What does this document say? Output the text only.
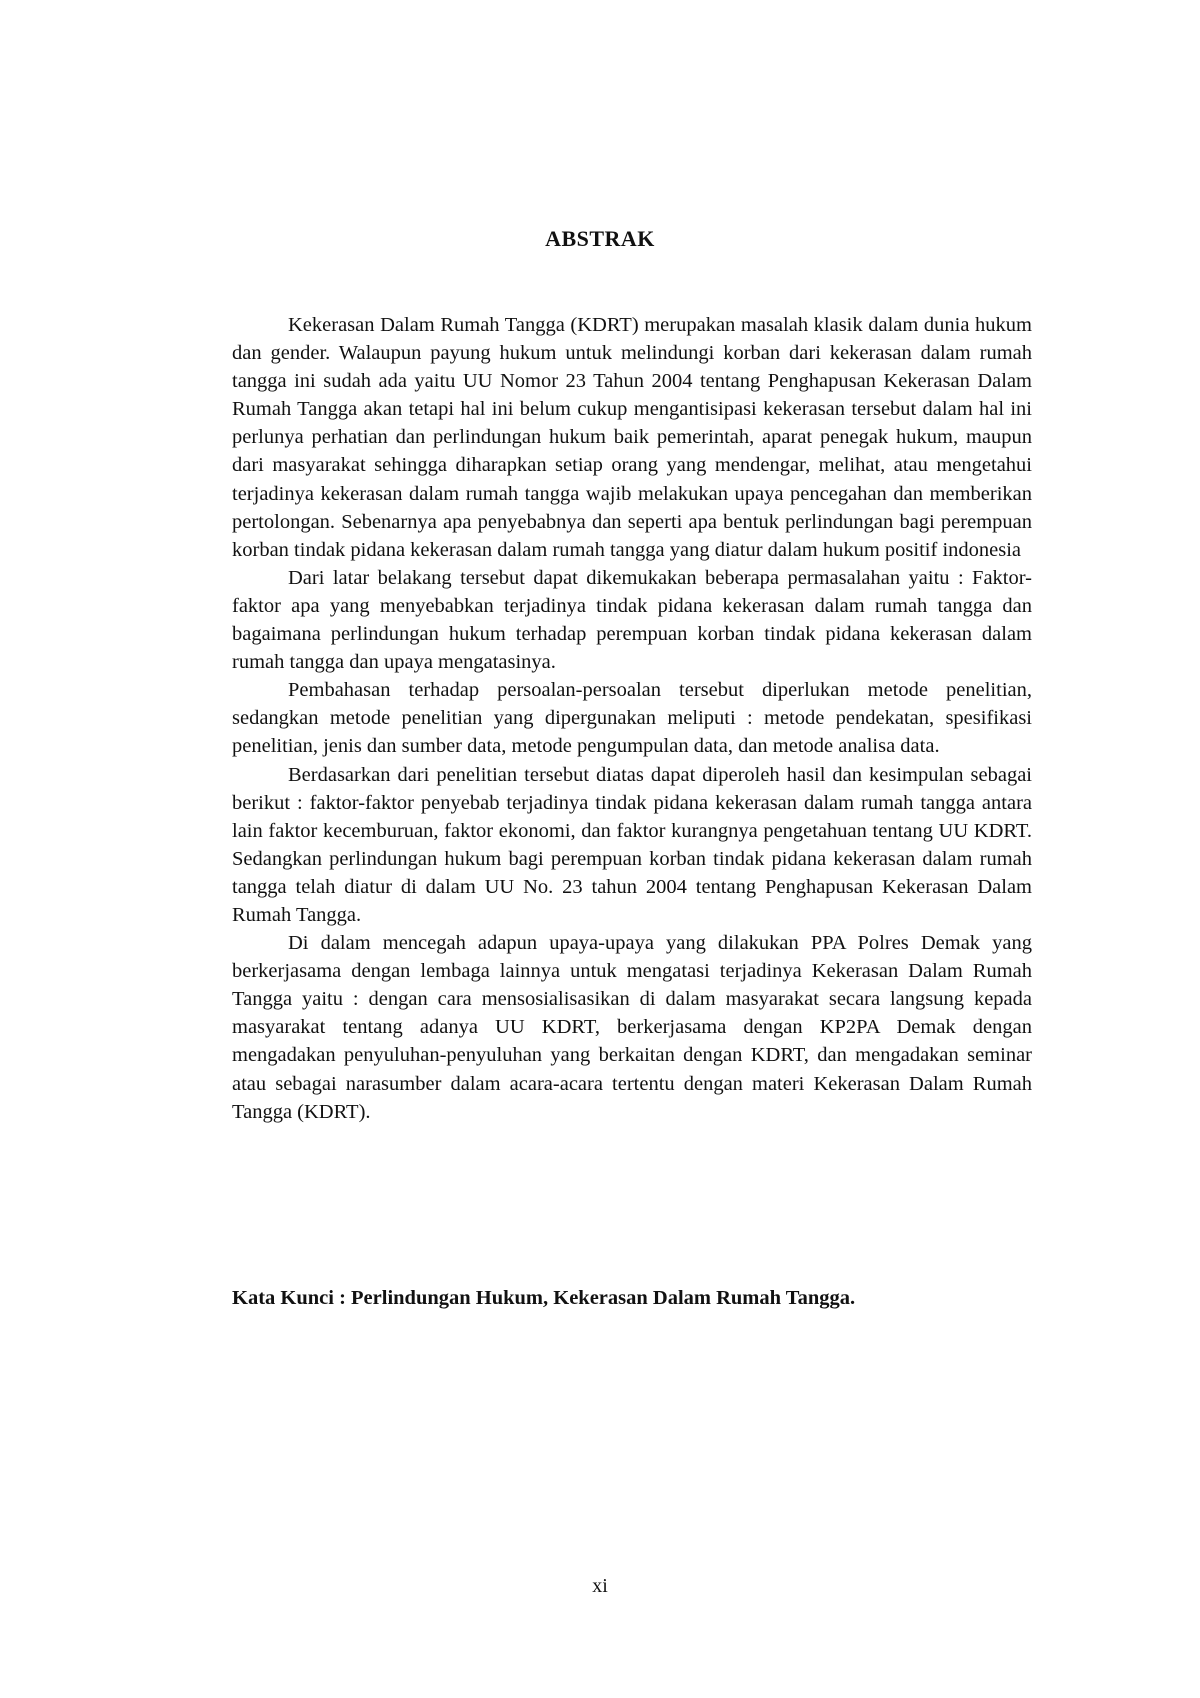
ABSTRAK

Kekerasan Dalam Rumah Tangga (KDRT) merupakan masalah klasik dalam dunia hukum dan gender. Walaupun payung hukum untuk melindungi korban dari kekerasan dalam rumah tangga ini sudah ada yaitu UU Nomor 23 Tahun 2004 tentang Penghapusan Kekerasan Dalam Rumah Tangga akan tetapi hal ini belum cukup mengantisipasi kekerasan tersebut dalam hal ini perlunya perhatian dan perlindungan hukum baik pemerintah, aparat penegak hukum, maupun dari masyarakat sehingga diharapkan setiap orang yang mendengar, melihat, atau mengetahui terjadinya kekerasan dalam rumah tangga wajib melakukan upaya pencegahan dan memberikan pertolongan. Sebenarnya apa penyebabnya dan seperti apa bentuk perlindungan bagi perempuan korban tindak pidana kekerasan dalam rumah tangga yang diatur dalam hukum positif indonesia

Dari latar belakang tersebut dapat dikemukakan beberapa permasalahan yaitu : Faktor-faktor apa yang menyebabkan terjadinya tindak pidana kekerasan dalam rumah tangga dan bagaimana perlindungan hukum terhadap perempuan korban tindak pidana kekerasan dalam rumah tangga dan upaya mengatasinya.

Pembahasan terhadap persoalan-persoalan tersebut diperlukan metode penelitian, sedangkan metode penelitian yang dipergunakan meliputi : metode pendekatan, spesifikasi penelitian, jenis dan sumber data, metode pengumpulan data, dan metode analisa data.

Berdasarkan dari penelitian tersebut diatas dapat diperoleh hasil dan kesimpulan sebagai berikut : faktor-faktor penyebab terjadinya tindak pidana kekerasan dalam rumah tangga antara lain faktor kecemburuan, faktor ekonomi, dan faktor kurangnya pengetahuan tentang UU KDRT. Sedangkan perlindungan hukum bagi perempuan korban tindak pidana kekerasan dalam rumah tangga telah diatur di dalam UU No. 23 tahun 2004 tentang Penghapusan Kekerasan Dalam Rumah Tangga.

Di dalam mencegah adapun upaya-upaya yang dilakukan PPA Polres Demak yang berkerjasama dengan lembaga lainnya untuk mengatasi terjadinya Kekerasan Dalam Rumah Tangga yaitu : dengan cara mensosialisasikan di dalam masyarakat secara langsung kepada masyarakat tentang adanya UU KDRT, berkerjasama dengan KP2PA Demak dengan mengadakan penyuluhan-penyuluhan yang berkaitan dengan KDRT, dan mengadakan seminar atau sebagai narasumber dalam acara-acara tertentu dengan materi Kekerasan Dalam Rumah Tangga (KDRT).

Kata Kunci : Perlindungan Hukum, Kekerasan Dalam Rumah Tangga.
xi
